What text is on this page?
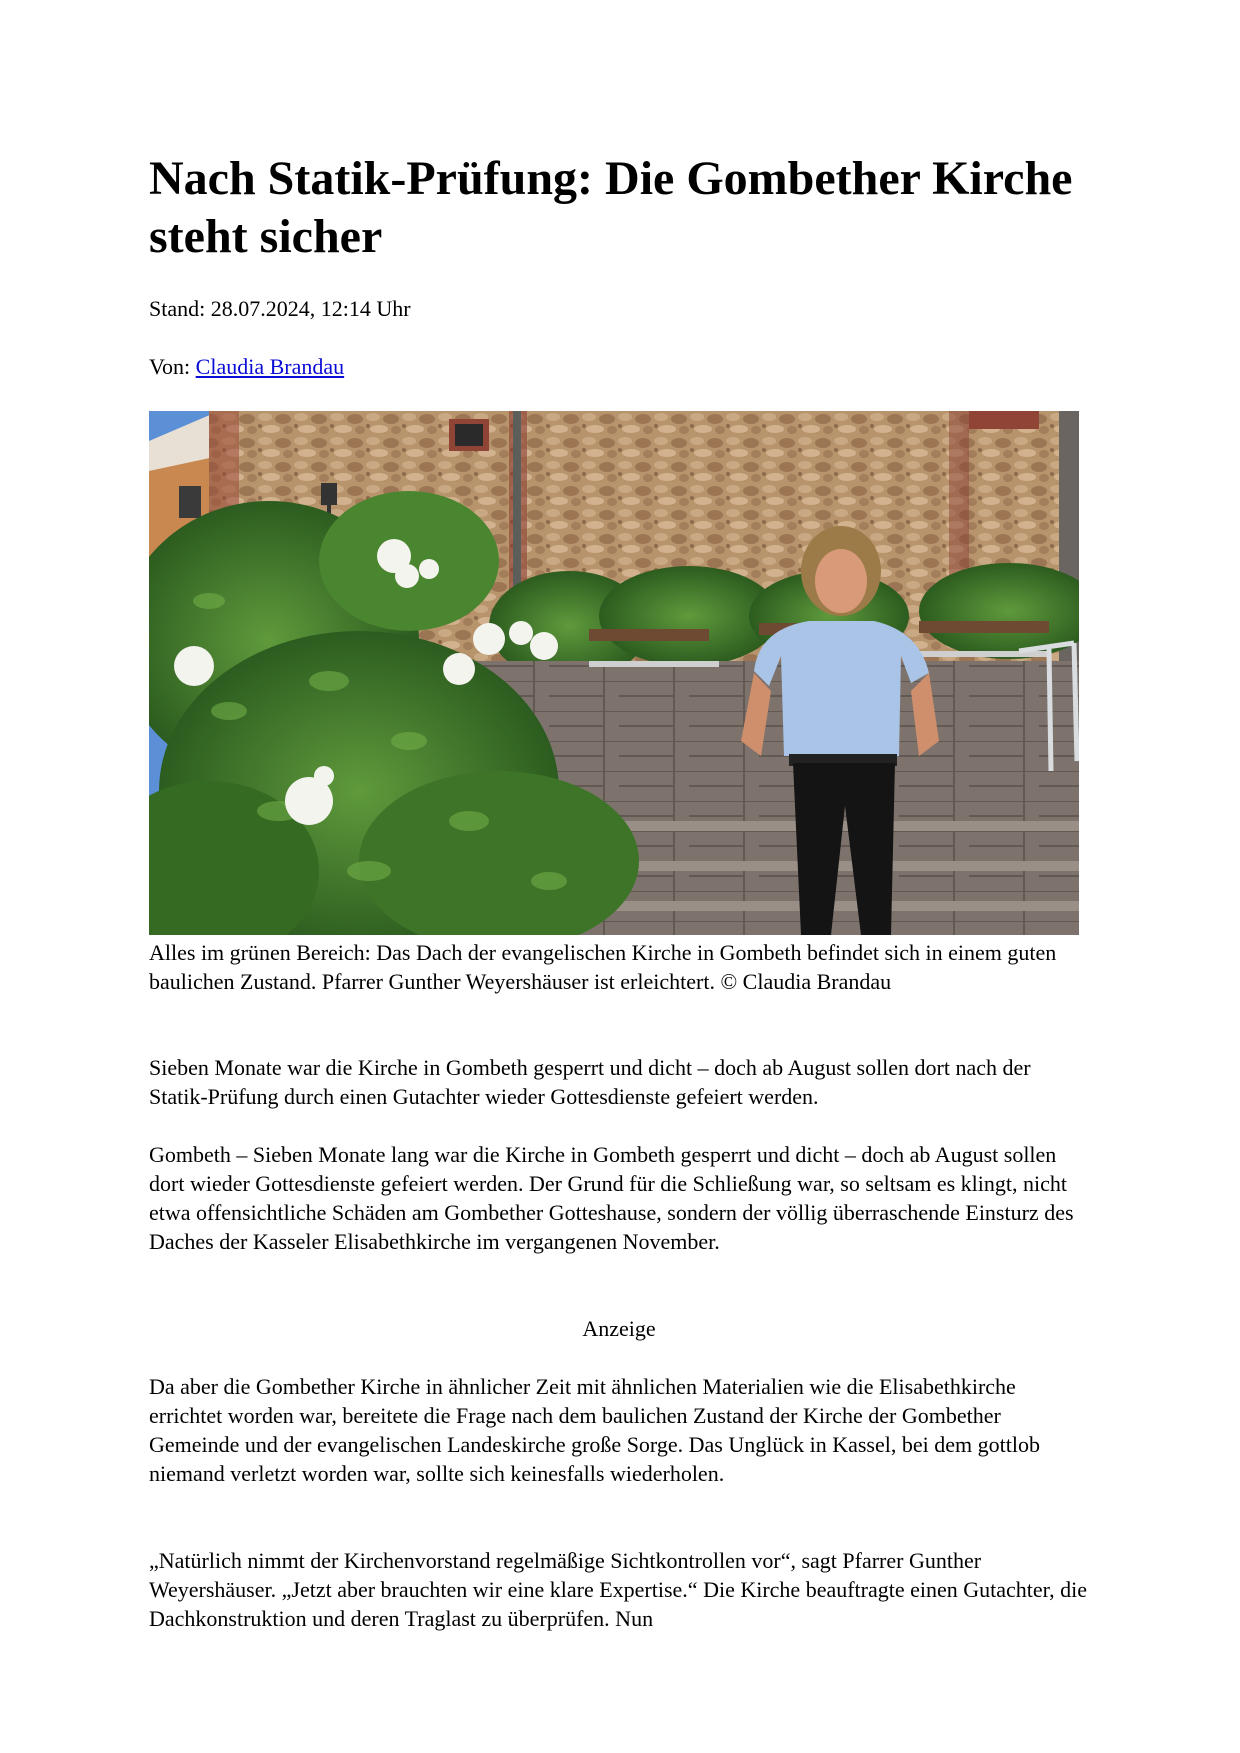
Nach Statik-Prüfung: Die Gombether Kirche steht sicher

Stand: 28.07.2024, 12:14 Uhr

Von: Claudia Brandau

Alles im grünen Bereich: Das Dach der evangelischen Kirche in Gombeth befindet sich in einem guten baulichen Zustand. Pfarrer Gunther Weyershäuser ist erleichtert. © Claudia Brandau

Sieben Monate war die Kirche in Gombeth gesperrt und dicht – doch ab August sollen dort nach der Statik-Prüfung durch einen Gutachter wieder Gottesdienste gefeiert werden.

Gombeth – Sieben Monate lang war die Kirche in Gombeth gesperrt und dicht – doch ab August sollen dort wieder Gottesdienste gefeiert werden. Der Grund für die Schließung war, so seltsam es klingt, nicht etwa offensichtliche Schäden am Gombether Gotteshause, sondern der völlig überraschende Einsturz des Daches der Kasseler Elisabethkirche im vergangenen November.

Anzeige

Da aber die Gombether Kirche in ähnlicher Zeit mit ähnlichen Materialien wie die Elisabethkirche errichtet worden war, bereitete die Frage nach dem baulichen Zustand der Kirche der Gombether Gemeinde und der evangelischen Landeskirche große Sorge. Das Unglück in Kassel, bei dem gottlob niemand verletzt worden war, sollte sich keinesfalls wiederholen.

„Natürlich nimmt der Kirchenvorstand regelmäßige Sichtkontrollen vor“, sagt Pfarrer Gunther Weyershäuser. „Jetzt aber brauchten wir eine klare Expertise.“ Die Kirche beauftragte einen Gutachter, die Dachkonstruktion und deren Traglast zu überprüfen. Nun
